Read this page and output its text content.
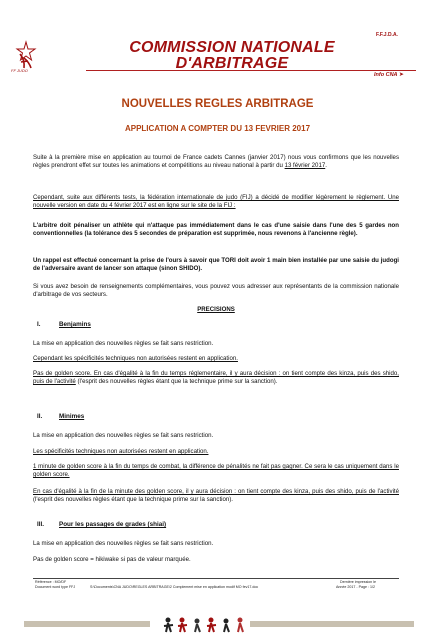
FF JUDO
F.F.J.D.A.
COMMISSION NATIONALE D'ARBITRAGE
Info CNA ➤
NOUVELLES REGLES ARBITRAGE
APPLICATION A COMPTER DU 13 FEVRIER 2017
Suite à la première mise en application au tournoi de France cadets Cannes (janvier 2017) nous vous confirmons que les nouvelles règles prendront effet sur toutes les animations et compétitions au niveau national à partir du 13 février 2017.
Cependant, suite aux différents tests, la fédération internationale de judo (FIJ) a décidé de modifier légèrement le règlement. Une nouvelle version en date du 4 février 2017 est en ligne sur le site de la FIJ :
L'arbitre doit pénaliser un athlète qui n'attaque pas immédiatement dans le cas d'une saisie dans l'une des 5 gardes non conventionnelles (la tolérance des 5 secondes de préparation est supprimée, nous revenons à l'ancienne règle).
Un rappel est effectué concernant la prise de l'ours à savoir que TORI doit avoir 1 main bien installée par une saisie du judogi de l'adversaire avant de lancer son attaque (sinon SHIDO).
Si vous avez besoin de renseignements complémentaires, vous pouvez vous adresser aux représentants de la commission nationale d'arbitrage de vos secteurs.
PRECISIONS
I.	Benjamins
La mise en application des nouvelles règles se fait sans restriction.
Cependant les spécificités techniques non autorisées restent en application.
Pas de golden score. En cas d'égalité à la fin du temps réglementaire, il y aura décision : on tient compte des kinza, puis des shido, puis de l'activité (l'esprit des nouvelles règles étant que la technique prime sur la sanction).
II.	Minimes
La mise en application des nouvelles règles se fait sans restriction.
Les spécificités techniques non autorisées restent en application.
1 minute de golden score à la fin du temps de combat, la différence de pénalités ne fait pas gagner. Ce sera le cas uniquement dans le golden score.
En cas d'égalité à la fin de la minute des golden score, il y aura décision : on tient compte des kinza, puis des shido, puis de l'activité (l'esprit des nouvelles règles étant que la technique prime sur la sanction).
III. Pour les passages de grades (shiai)
La mise en application des nouvelles règles se fait sans restriction.
Pas de golden score = hikiwake si pas de valeur marquée.
Référence : MO/DF
Document word type FFJ	S:\Documents\CNA JUDO\REGLES ARBITRAGE\2 Complement mise en application modif MO fev17.doc
Dernière impression le
Année 2017 - Page : 1/2
